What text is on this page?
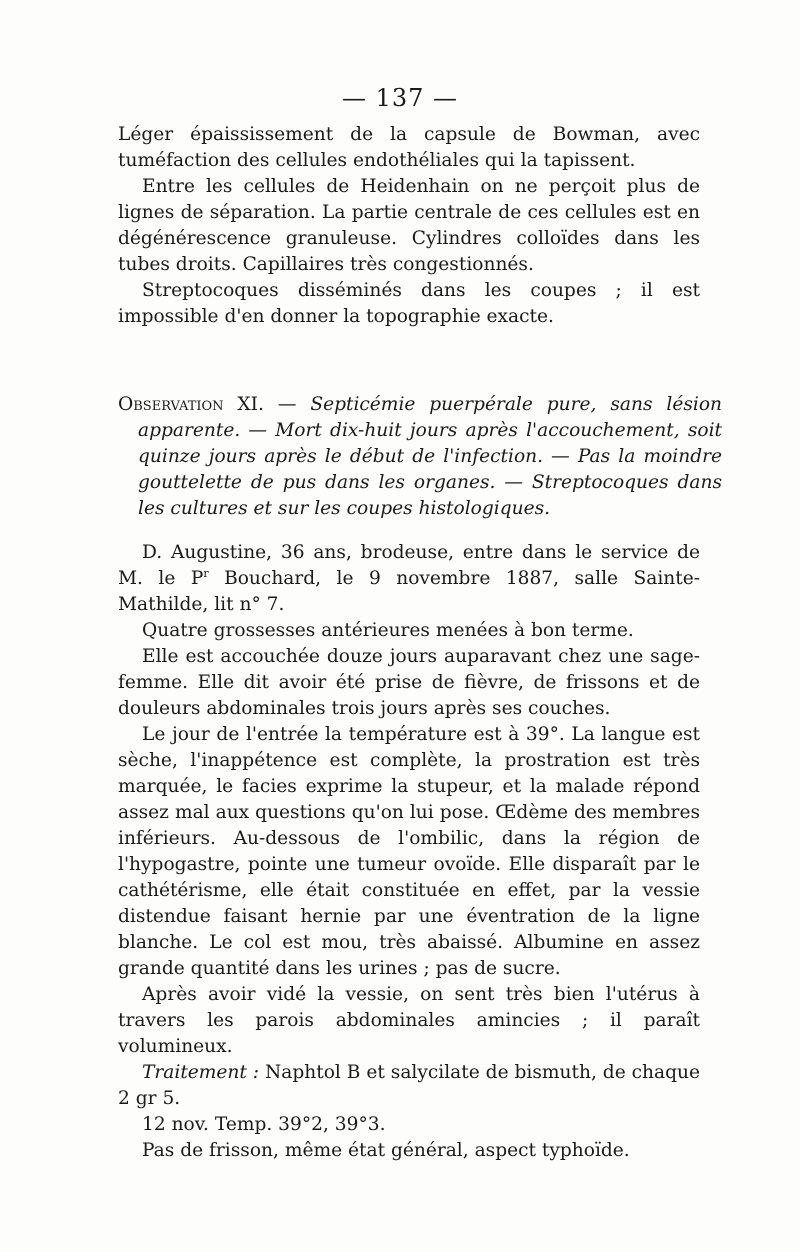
— 137 —

Léger épaississement de la capsule de Bowman, avec tuméfaction des cellules endothéliales qui la tapissent.

Entre les cellules de Heidenhain on ne perçoit plus de lignes de séparation. La partie centrale de ces cellules est en dégénérescence granuleuse. Cylindres colloïdes dans les tubes droits. Capillaires très congestionnés.

Streptocoques disséminés dans les coupes ; il est impossible d'en donner la topographie exacte.

Observation XI. — Septicémie puerpérale pure, sans lésion apparente. — Mort dix-huit jours après l'accouchement, soit quinze jours après le début de l'infection. — Pas la moindre gouttelette de pus dans les organes. — Streptocoques dans les cultures et sur les coupes histologiques.

D. Augustine, 36 ans, brodeuse, entre dans le service de M. le $P^r$ Bouchard, le 9 novembre 1887, salle Sainte-Mathilde, lit n° 7.

Quatre grossesses antérieures menées à bon terme.

Elle est accouchée douze jours auparavant chez une sage-femme. Elle dit avoir été prise de fièvre, de frissons et de douleurs abdominales trois jours après ses couches.

Le jour de l'entrée la température est à 39°. La langue est sèche, l'inappétence est complète, la prostration est très marquée, le facies exprime la stupeur, et la malade répond assez mal aux questions qu'on lui pose. Œdème des membres inférieurs. Au-dessous de l'ombilic, dans la région de l'hypogastre, pointe une tumeur ovoïde. Elle disparaît par le cathétérisme, elle était constituée en effet, par la vessie distendue faisant hernie par une éventration de la ligne blanche. Le col est mou, très abaissé. Albumine en assez grande quantité dans les urines ; pas de sucre.

Après avoir vidé la vessie, on sent très bien l'utérus à travers les parois abdominales amincies ; il paraît volumineux.

Traitement : Naphtol B et salycilate de bismuth, de chaque 2 gr 5.

12 nov. Temp. 39°2, 39°3.

Pas de frisson, même état général, aspect typhoïde.
